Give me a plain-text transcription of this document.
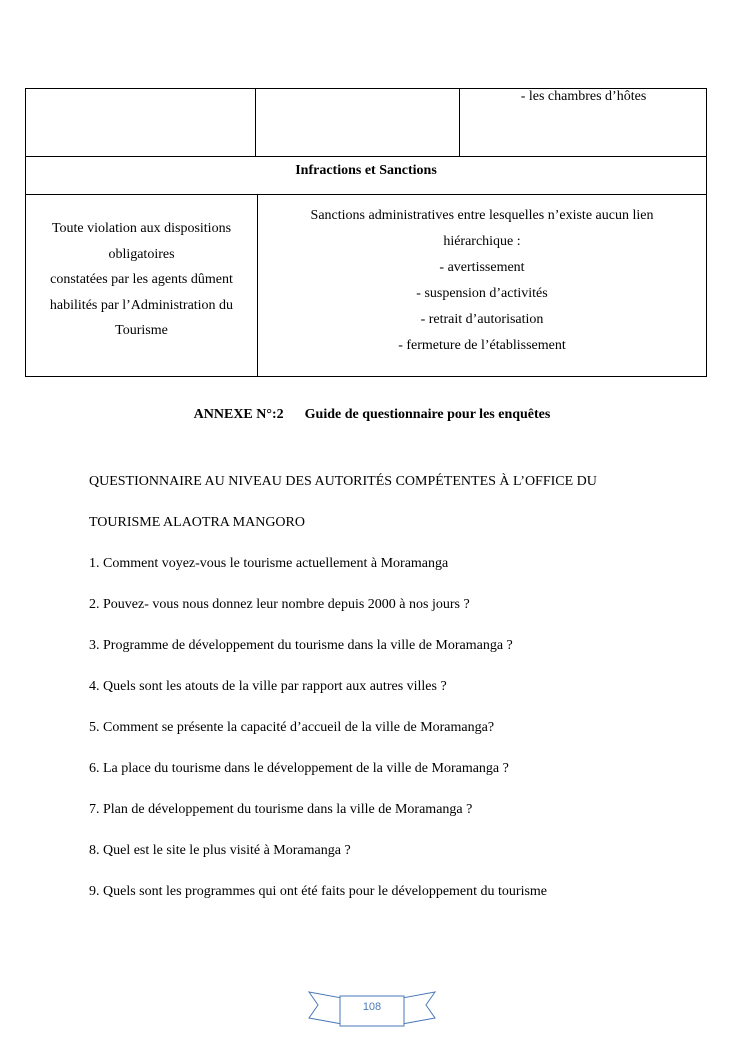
- les chambres d’hôtes
Infractions et Sanctions
Toute violation aux dispositions
obligatoires
constatées par les agents dûment
habilités par l’Administration du
Tourisme
Sanctions administratives entre lesquelles n’existe aucun lien
hiérarchique :
- avertissement
- suspension d’activités
- retrait d’autorisation
- fermeture de l’établissement
ANNEXE N°:2 Guide de questionnaire pour les enquêtes
QUESTIONNAIRE AU NIVEAU DES AUTORITÉS COMPÉTENTES À L’OFFICE DU
TOURISME ALAOTRA MANGORO
1. Comment voyez-vous le tourisme actuellement à Moramanga
2. Pouvez- vous nous donnez leur nombre depuis 2000 à nos jours ?
3. Programme de développement du tourisme dans la ville de Moramanga ?
4. Quels sont les atouts de la ville par rapport aux autres villes ?
5. Comment se présente la capacité d’accueil de la ville de Moramanga?
6. La place du tourisme dans le développement de la ville de Moramanga ?
7. Plan de développement du tourisme dans la ville de Moramanga ?
8. Quel est le site le plus visité à Moramanga ?
9. Quels sont les programmes qui ont été faits pour le développement du tourisme
108
